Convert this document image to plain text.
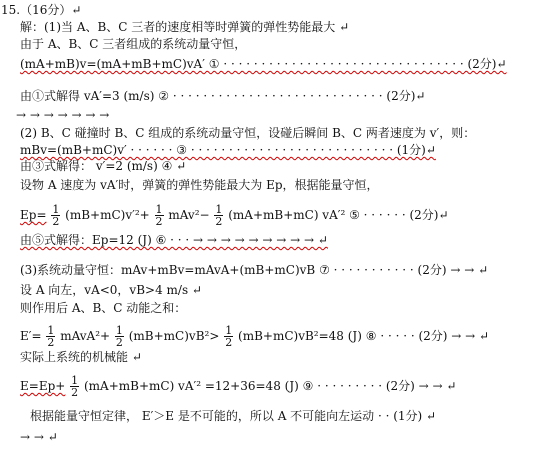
15.（16分）↵
解：(1)当 A、B、C 三者的速度相等时弹簧的弹性势能最大 ↵
由于 A、B、C 三者组成的系统动量守恒，
(mA+mB)v=(mA+mB+mC)vA′ ① · · · · · · · · · · · · · · · · · · · · · · · · · · · · · · · · (2分)↵
由①式解得 vA′=3 (m/s) ② · · · · · · · · · · · · · · · · · · · · · · · · · · · · (2分)↵
→ → → → → → →
(2) B、C 碰撞时 B、C 组成的系统动量守恒，设碰后瞬间 B、C 两者速度为 v′，则：
mBv=(mB+mC)v′ · · · · · · ③ · · · · · · · · · · · · · · · · · · · · · · · · · · · (1分)↵
由③式解得： v′=2 (m/s) ④ ↵
设物 A 速度为 vA′时，弹簧的弹性势能最大为 Ep，根据能量守恒，
$Ep= \frac{1}{2} (mB+mC)v'^2+ \frac{1}{2} mAv^2- \frac{1}{2} (mA+mB+mC)$ vA′² ⑤ · · · · · · (2分)↵
由⑤式解得：Ep=12 (J) ⑥ · · · → → → → → → → → → ↵
(3)系统动量守恒：mAv+mBv=mAvA+(mB+mC)vB ⑦ · · · · · · · · · · · (2分) → → ↵
设 A 向左，vA<0，vB>4 m/s ↵
则作用后 A、B、C 动能之和：
$E'= \frac{1}{2}$ mAvA²+ $\frac{1}{2} (mB+mC)vB^2> \frac{1}{2} (mB+mC)vB^2=48$ (J) ⑧ · · · · · (2分) → → ↵
实际上系统的机械能 ↵
$E=Ep+ \frac{1}{2} (mA+mB+mC)$ vA′² =12+36=48 (J) ⑨ · · · · · · · · · (2分) → → ↵
根据能量守恒定律， E′＞E 是不可能的，所以 A 不可能向左运动 · · (1分) ↵
→ → ↵
